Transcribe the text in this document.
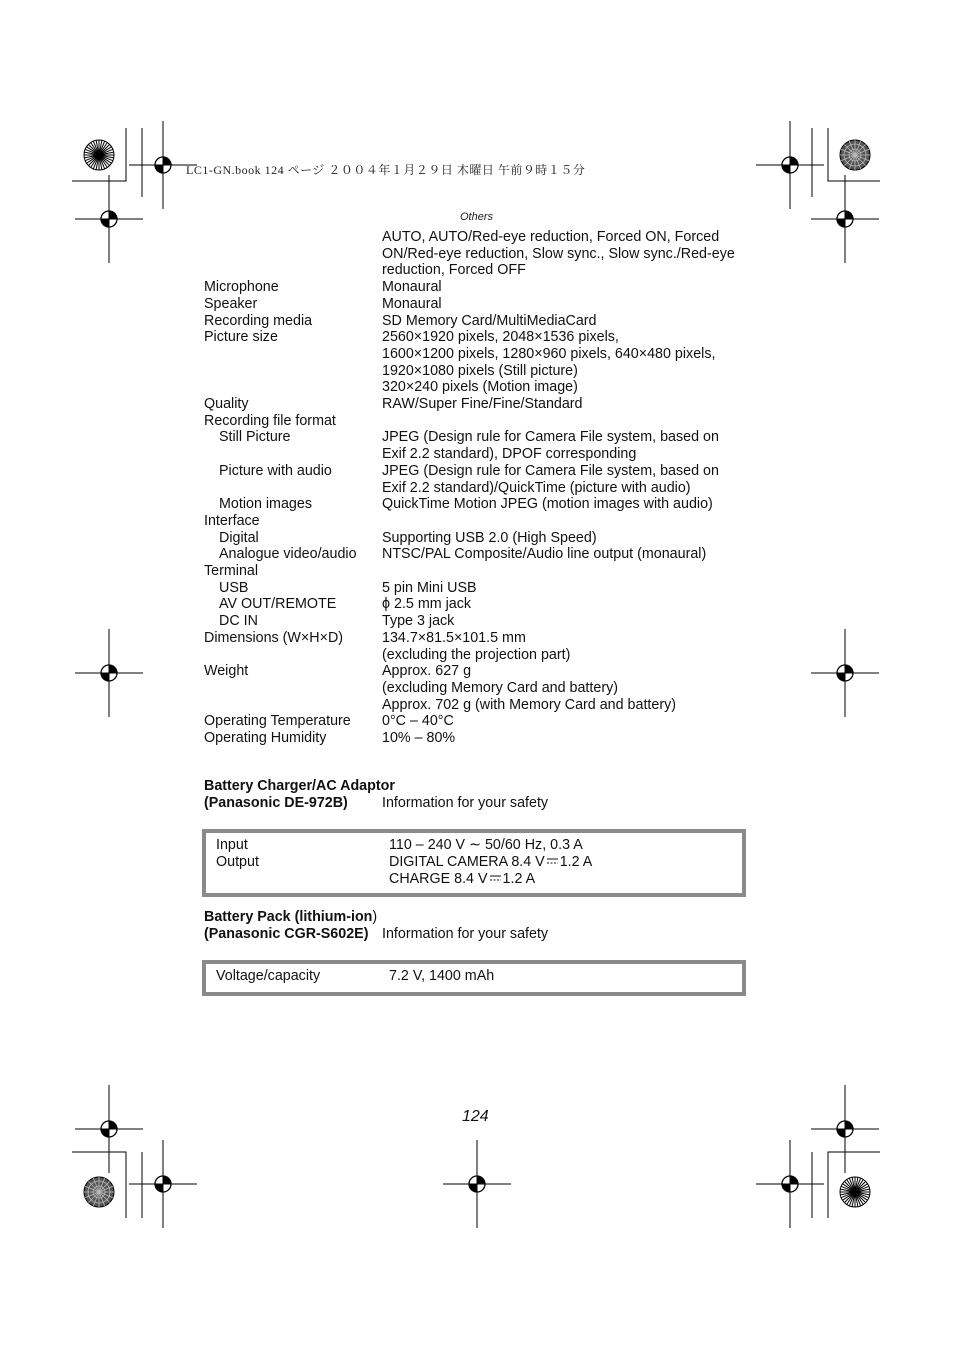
LC1-GN.book 124 ページ ２００４年１月２９日 木曜日 午前９時１５分
Others
AUTO, AUTO/Red-eye reduction, Forced ON, Forced
ON/Red-eye reduction, Slow sync., Slow sync./Red-eye
reduction, Forced OFF
Microphone	Monaural
Speaker	Monaural
Recording media	SD Memory Card/MultiMediaCard
Picture size	2560×1920 pixels, 2048×1536 pixels,
1600×1200 pixels, 1280×960 pixels, 640×480 pixels,
1920×1080 pixels (Still picture)
320×240 pixels (Motion image)
Quality	RAW/Super Fine/Fine/Standard
Recording file format

Still Picture	JPEG (Design rule for Camera File system, based on
Exif 2.2 standard), DPOF corresponding
Picture with audio	JPEG (Design rule for Camera File system, based on
Exif 2.2 standard)/QuickTime (picture with audio)
Motion images	QuickTime Motion JPEG (motion images with audio)
Interface

Digital	Supporting USB 2.0 (High Speed)
Analogue video/audio	NTSC/PAL Composite/Audio line output (monaural)
Terminal

USB	5 pin Mini USB
AV OUT/REMOTE	ϕ 2.5 mm jack
DC IN	Type 3 jack
Dimensions (W×H×D)	134.7×81.5×101.5 mm
(excluding the projection part)
Weight	Approx. 627 g
(excluding Memory Card and battery)
Approx. 702 g (with Memory Card and battery)
Operating Temperature	0°C – 40°C
Operating Humidity	10% – 80%
Battery Charger/AC Adaptor
(Panasonic DE-972B)	Information for your safety
Input	110 – 240 V ∼ 50/60 Hz, 0.3 A
Output	DIGITAL CAMERA 8.4 V 1.2 A
CHARGE 8.4 V 1.2 A
Battery Pack (lithium-ion)
(Panasonic CGR-S602E) Information for your safety
Voltage/capacity	7.2 V, 1400 mAh
124
